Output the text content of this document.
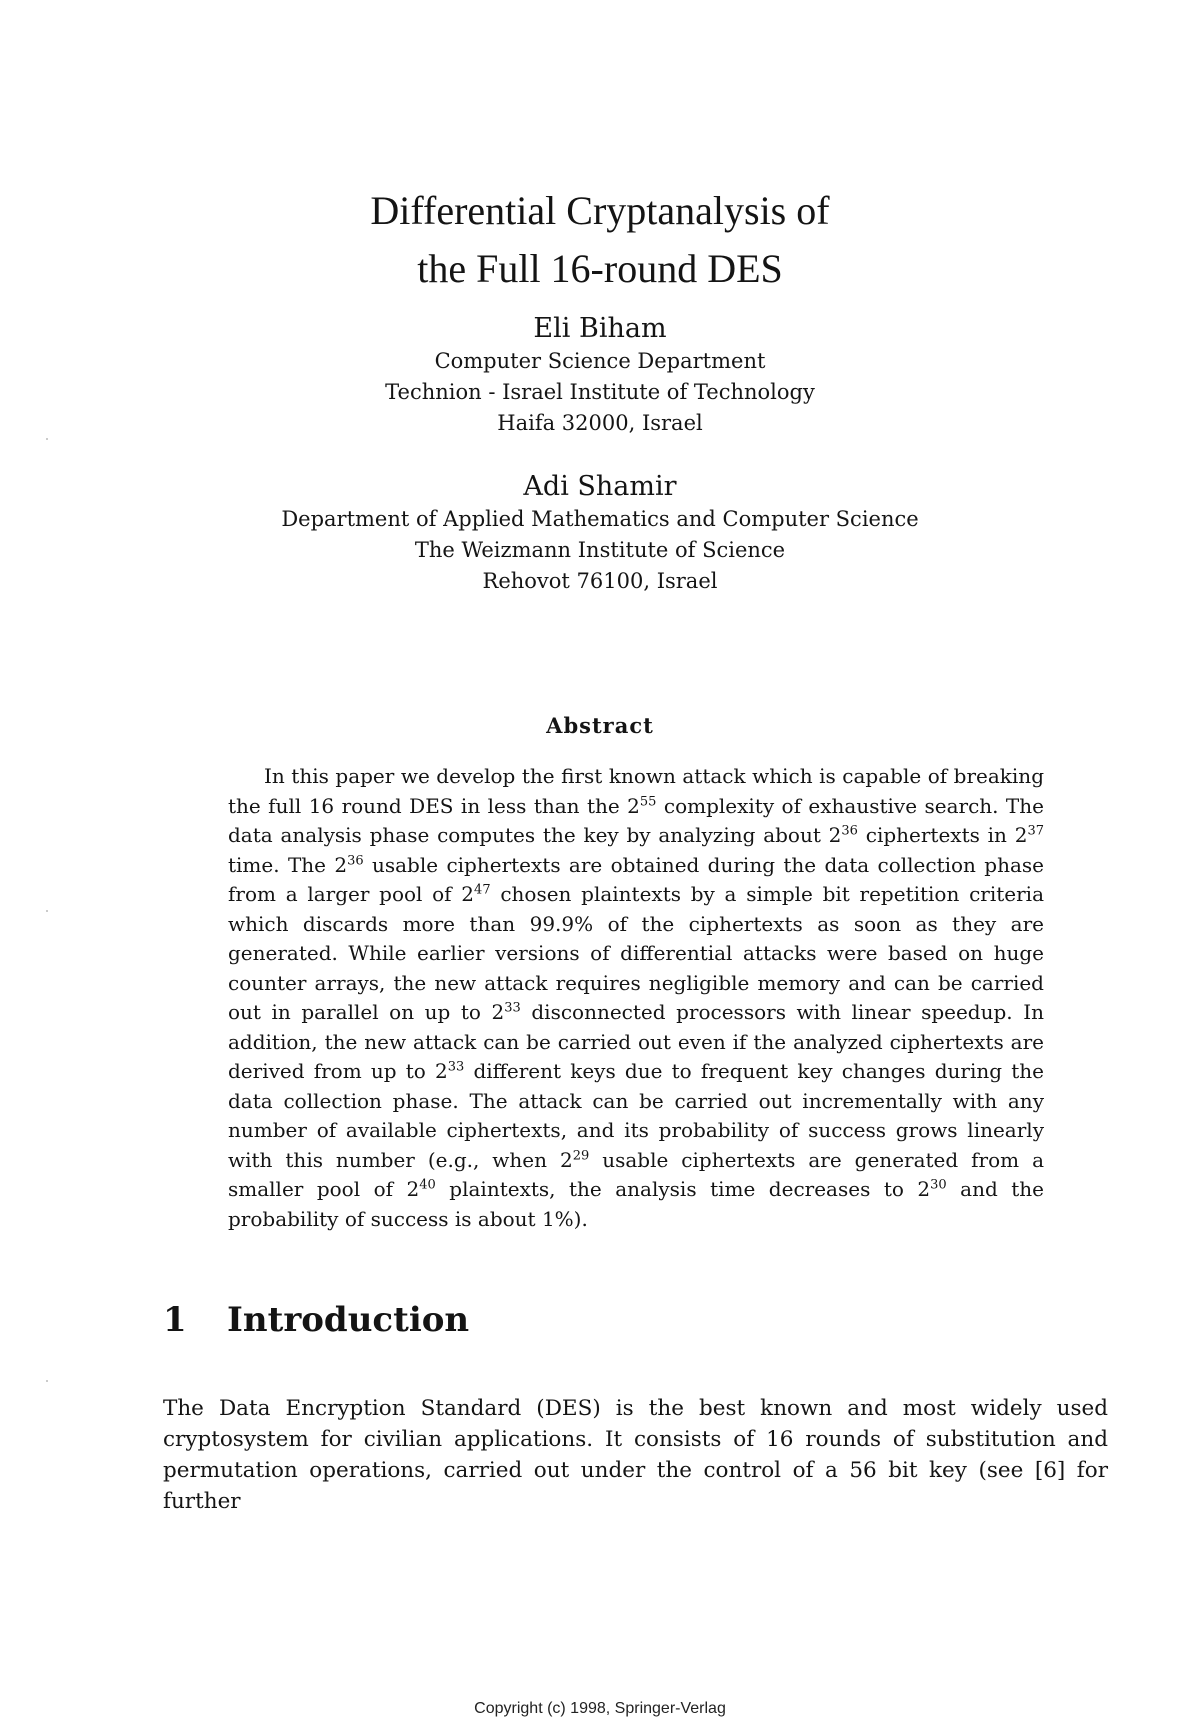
Differential Cryptanalysis of
the Full 16-round DES
Eli Biham
Computer Science Department
Technion - Israel Institute of Technology
Haifa 32000, Israel
Adi Shamir
Department of Applied Mathematics and Computer Science
The Weizmann Institute of Science
Rehovot 76100, Israel
Abstract

In this paper we develop the first known attack which is capable of breaking the full 16 round DES in less than the $2^{55}$ complexity of exhaustive search. The data analysis phase computes the key by analyzing about $2^{36}$ ciphertexts in $2^{37}$ time. The $2^{36}$ usable ciphertexts are obtained during the data collection phase from a larger pool of $2^{47}$ chosen plaintexts by a simple bit repetition criteria which discards more than 99.9% of the ciphertexts as soon as they are generated. While earlier versions of differential attacks were based on huge counter arrays, the new attack requires negligible memory and can be carried out in parallel on up to $2^{33}$ disconnected processors with linear speedup. In addition, the new attack can be carried out even if the analyzed ciphertexts are derived from up to $2^{33}$ different keys due to frequent key changes during the data collection phase. The attack can be carried out incrementally with any number of available ciphertexts, and its probability of success grows linearly with this number (e.g., when $2^{29}$ usable ciphertexts are generated from a smaller pool of $2^{40}$ plaintexts, the analysis time decreases to $2^{30}$ and the probability of success is about 1%).

1 Introduction

The Data Encryption Standard (DES) is the best known and most widely used cryptosystem for civilian applications. It consists of 16 rounds of substitution and permutation operations, carried out under the control of a 56 bit key (see [6] for further

Copyright (c) 1998, Springer-Verlag
